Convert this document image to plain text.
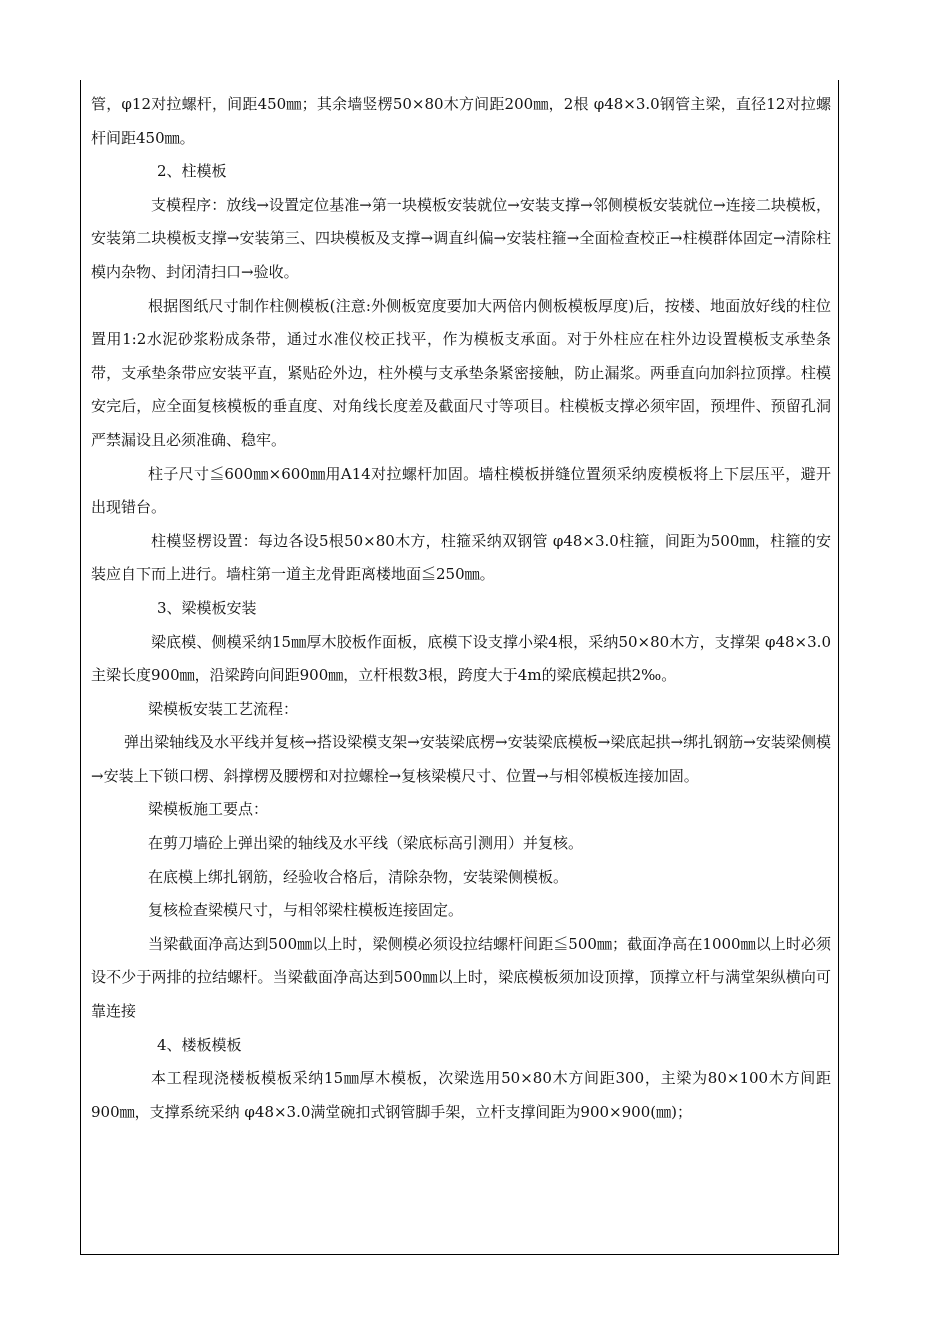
管，φ12对拉螺杆，间距450㎜；其余墙竖楞50×80木方间距200㎜，2根 φ48×3.0钢管主梁，直径12对拉螺杆间距450㎜。

2、柱模板

支模程序：放线→设置定位基准→第一块模板安装就位→安装支撑→邻侧模板安装就位→连接二块模板，安装第二块模板支撑→安装第三、四块模板及支撑→调直纠偏→安装柱箍→全面检查校正→柱模群体固定→清除柱模内杂物、封闭清扫口→验收。

根据图纸尺寸制作柱侧模板(注意:外侧板宽度要加大两倍内侧板模板厚度)后，按楼、地面放好线的柱位置用1:2水泥砂浆粉成条带，通过水准仪校正找平，作为模板支承面。对于外柱应在柱外边设置模板支承垫条带，支承垫条带应安装平直，紧贴砼外边，柱外模与支承垫条紧密接触，防止漏浆。两垂直向加斜拉顶撑。柱模安完后，应全面复核模板的垂直度、对角线长度差及截面尺寸等项目。柱模板支撑必须牢固，预埋件、预留孔洞严禁漏设且必须准确、稳牢。

柱子尺寸≦600㎜×600㎜用A14对拉螺杆加固。墙柱模板拼缝位置须采纳废模板将上下层压平，避开出现错台。

柱模竖楞设置：每边各设5根50×80木方，柱箍采纳双钢管 φ48×3.0柱箍，间距为500㎜，柱箍的安装应自下而上进行。墙柱第一道主龙骨距离楼地面≦250㎜。

3、梁模板安装

梁底模、侧模采纳15㎜厚木胶板作面板，底模下设支撑小梁4根，采纳50×80木方，支撑架 φ48×3.0主梁长度900㎜，沿梁跨向间距900㎜，立杆根数3根，跨度大于4m的梁底模起拱2‰。

梁模板安装工艺流程：

弹出梁轴线及水平线并复核→搭设梁模支架→安装梁底楞→安装梁底模板→梁底起拱→绑扎钢筋→安装梁侧模→安装上下锁口楞、斜撑楞及腰楞和对拉螺栓→复核梁模尺寸、位置→与相邻模板连接加固。

梁模板施工要点：

在剪刀墙砼上弹出梁的轴线及水平线（梁底标高引测用）并复核。

在底模上绑扎钢筋，经验收合格后，清除杂物，安装梁侧模板。

复核检查梁模尺寸，与相邻梁柱模板连接固定。

当梁截面净高达到500㎜以上时，梁侧模必须设拉结螺杆间距≦500㎜；截面净高在1000㎜以上时必须设不少于两排的拉结螺杆。当梁截面净高达到500㎜以上时，梁底模板须加设顶撑，顶撑立杆与满堂架纵横向可靠连接

4、楼板模板

本工程现浇楼板模板采纳15㎜厚木模板，次梁选用50×80木方间距300，主梁为80×100木方间距900㎜，支撑系统采纳 φ48×3.0满堂碗扣式钢管脚手架，立杆支撑间距为900×900(㎜)；
